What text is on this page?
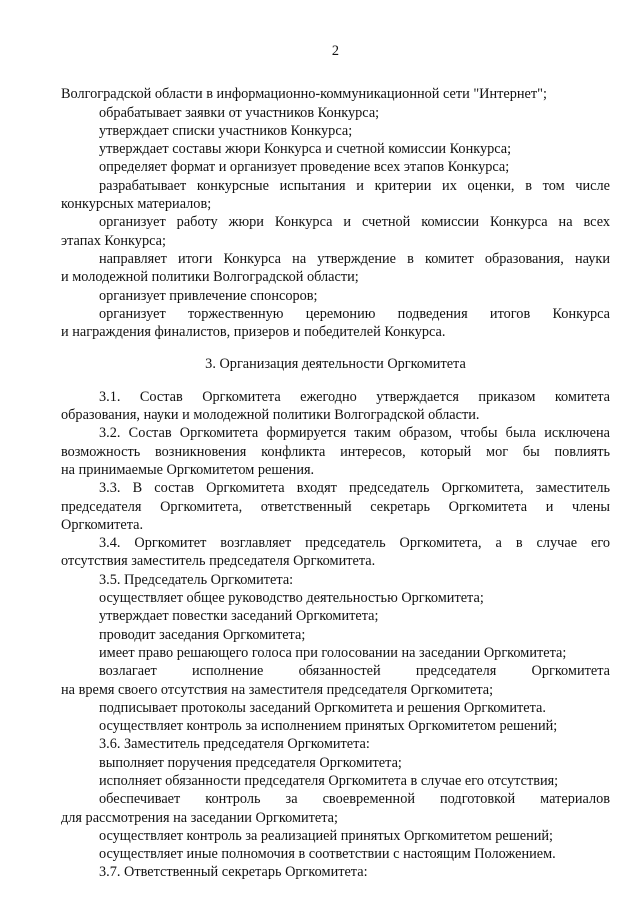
2
Волгоградской области в информационно-коммуникационной сети "Интернет";
обрабатывает заявки от участников Конкурса;
утверждает списки участников Конкурса;
утверждает составы жюри Конкурса и счетной комиссии Конкурса;
определяет формат и организует проведение всех этапов Конкурса;
разрабатывает конкурсные испытания и критерии их оценки, в том числе
конкурсных материалов;
организует работу жюри Конкурса и счетной комиссии Конкурса на всех
этапах Конкурса;
направляет итоги Конкурса на утверждение в комитет образования, науки
и молодежной политики Волгоградской области;
организует привлечение спонсоров;
организует торжественную церемонию подведения итогов Конкурса
и награждения финалистов, призеров и победителей Конкурса.
3. Организация деятельности Оргкомитета
3.1. Состав Оргкомитета ежегодно утверждается приказом комитета
образования, науки и молодежной политики Волгоградской области.
3.2. Состав Оргкомитета формируется таким образом, чтобы была исключена
возможность возникновения конфликта интересов, который мог бы повлиять
на принимаемые Оргкомитетом решения.
3.3. В состав Оргкомитета входят председатель Оргкомитета, заместитель
председателя Оргкомитета, ответственный секретарь Оргкомитета и члены
Оргкомитета.
3.4. Оргкомитет возглавляет председатель Оргкомитета, а в случае его
отсутствия заместитель председателя Оргкомитета.
3.5. Председатель Оргкомитета:
осуществляет общее руководство деятельностью Оргкомитета;
утверждает повестки заседаний Оргкомитета;
проводит заседания Оргкомитета;
имеет право решающего голоса при голосовании на заседании Оргкомитета;
возлагает исполнение обязанностей председателя Оргкомитета
на время своего отсутствия на заместителя председателя Оргкомитета;
подписывает протоколы заседаний Оргкомитета и решения Оргкомитета.
осуществляет контроль за исполнением принятых Оргкомитетом решений;
3.6. Заместитель председателя Оргкомитета:
выполняет поручения председателя Оргкомитета;
исполняет обязанности председателя Оргкомитета в случае его отсутствия;
обеспечивает контроль за своевременной подготовкой материалов
для рассмотрения на заседании Оргкомитета;
осуществляет контроль за реализацией принятых Оргкомитетом решений;
осуществляет иные полномочия в соответствии с настоящим Положением.
3.7. Ответственный секретарь Оргкомитета:
